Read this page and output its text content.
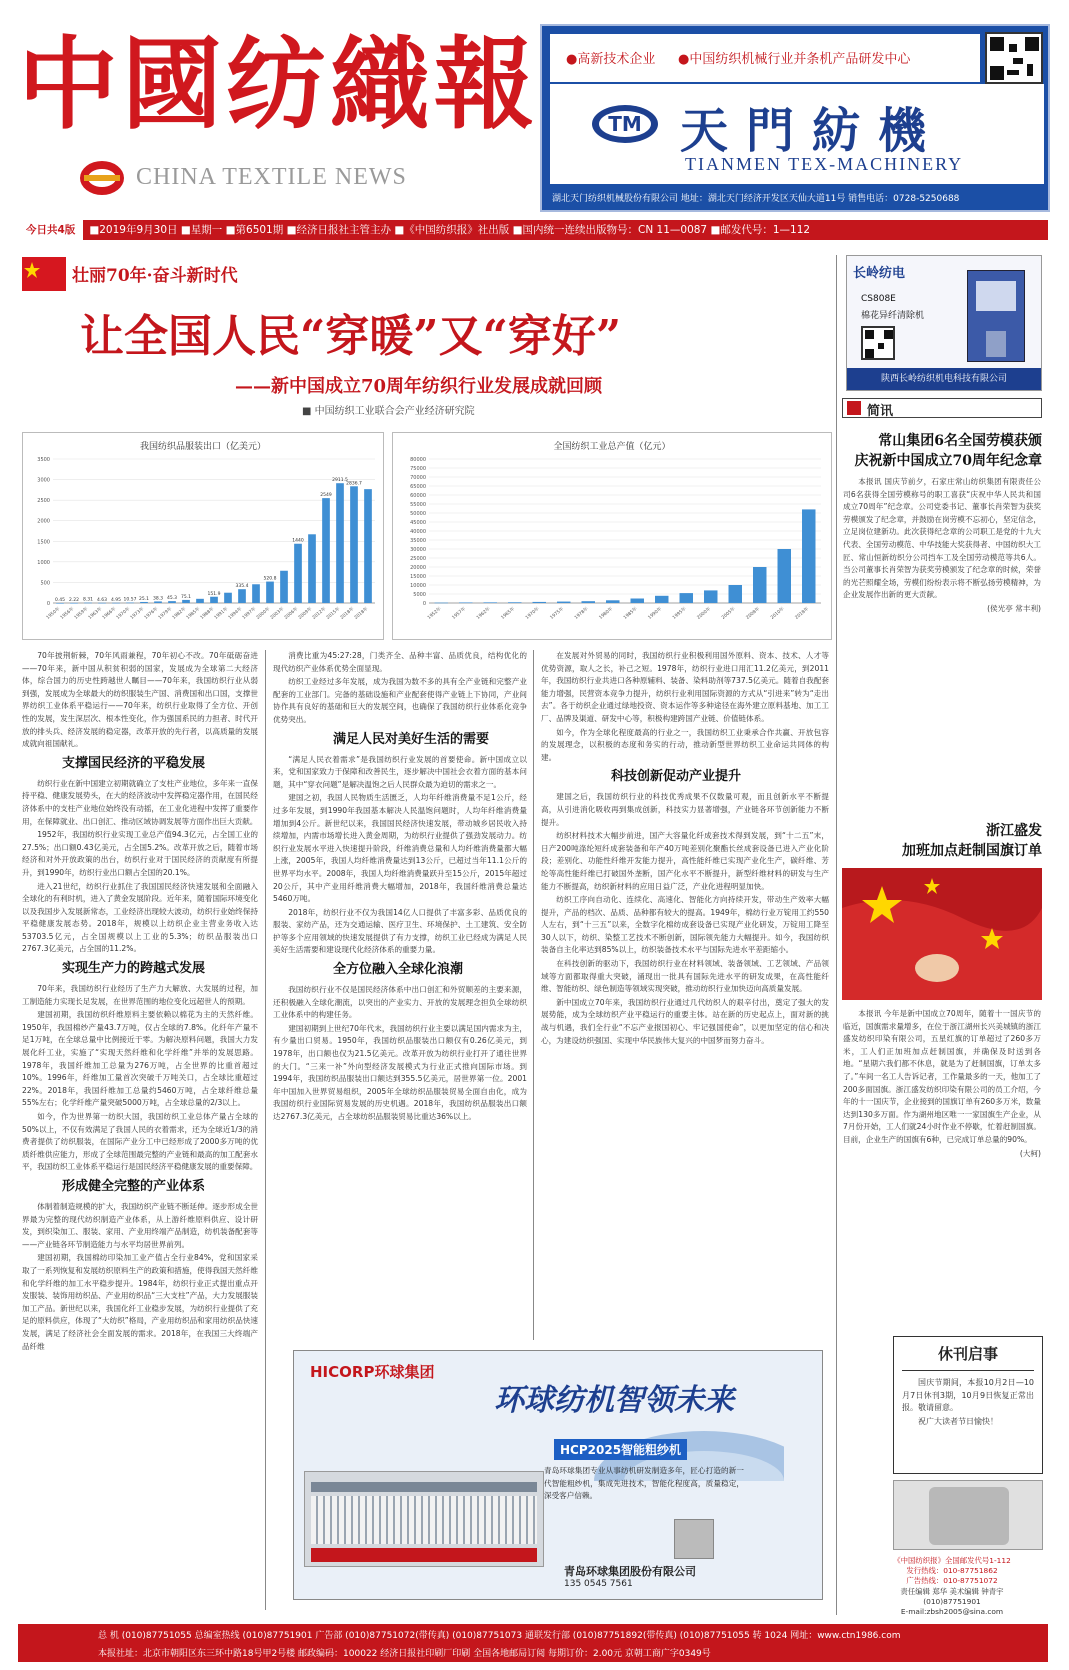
中國纺織報
CHINA TEXTILE NEWS
●高新技术企业 ●中国纺织机械行业并条机产品研发中心
TM 天門紡機
TIANMEN TEX-MACHINERY
湖北天门纺织机械股份有限公司 地址：湖北天门经济开发区天仙大道11号 销售电话：0728-5250688
今日共4版 ■2019年9月30日 ■星期一 ■第6501期 ■经济日报社主管主办 ■《中国纺织报》社出版 ■国内统一连续出版物号：CN 11—0087 ■邮发代号：1—112
壮丽70年·奋斗新时代
让全国人民“穿暖”又“穿好”
——新中国成立70周年纺织行业发展成就回顾
■ 中国纺织工业联合会产业经济研究院
我国纺织品服装出口（亿美元）
0
500
1000
1500
2000
2500
3000
3500
0.45
1950年
2.22
1956年
8.31
1959年
4.63
1963年
4.95
1966年
10.57
1970年
25.1
1973年
38.3
1976年
45.3
1979年
75.1
1982年
1985年
151.9
1988年
1991年
335.4
1994年
1997年
520.8
2000年
2003年
1440
2006年
2009年
2549
2012年
2911.5
2015年
2836.7
2018年
2018年
全国纺织工业总产值（亿元）
0
5000
10000
15000
20000
25000
30000
35000
40000
45000
50000
55000
60000
65000
70000
75000
80000
1952年 1957年 1962年 1965年 1970年 1975年 1978年 1980年 1985年 1990年 1995年 2000年 2005年 2008年 2010年 2018年

70年披荆斩棘，70年风雨兼程，70年初心不改。70年砥砺奋进——70年来，新中国从积贫积弱的国家，发展成为全球第二大经济体，综合国力的历史性跨越世人瞩目——70年来，我国纺织行业从弱到强，发展成为全球最大的纺织服装生产国、消费国和出口国，支撑世界纺织工业体系平稳运行——70年来，纺织行业取得了全方位、开创性的发展，发生深层次、根本性变化，作为强国系民的力担者、时代开放的排头兵、经济发展的稳定器，改革开放的先行者，以高质量的发展成就向祖国献礼。

支撑国民经济的平稳发展

纺织行业在新中国建立初期就确立了支柱产业地位，多年来一直保持平稳、健康发展势头，在大的经济波动中发挥稳定器作用，在国民经济体系中的支柱产业地位始终没有动摇，在工业化进程中发挥了重要作用，在保障就业、出口创汇、推动区域协调发展等方面作出巨大贡献。

1952年，我国纺织行业实现工业总产值94.3亿元，占全国工业的27.5%；出口额0.43亿美元，占全国5.2%。改革开放之后，随着市场经济和对外开放政策的出台，纺织行业对于国民经济的贡献度有所提升，到1990年，纺织行业出口额占全国的20.1%。

进入21世纪，纺织行业抓住了我国国民经济快速发展和全面融入全球化的有利时机，进入了黄金发展阶段。近年来，随着国际环境变化以及我国步入发展新常态，工业经济出现较大波动，纺织行业始终保持平稳健康发展态势。2018年，规模以上纺织企业主营业务收入达53703.5亿元，占全国规模以上工业的5.3%；纺织品服装出口2767.3亿美元，占全国的11.2%。

实现生产力的跨越式发展

70年来，我国纺织行业经历了生产力大解放、大发展的过程，加工制造能力实现长足发展，在世界范围的地位变化远超世人的预期。

建国初期，我国纺织纤维原料主要依赖以棉花为主的天然纤维。1950年，我国棉纱产量43.7万吨，仅占全球的7.8%。化纤年产量不足1万吨，在全球总量中比例接近于零。为解决原料问题，我国大力发展化纤工业，实施了“实现天然纤维和化学纤维”并举的发展思路。1978年，我国纤维加工总量为276万吨，占全世界的比重首超过10%。1996年，纤维加工量首次突破千万吨关口，占全球比重超过22%。2018年，我国纤维加工总量约5460万吨，占全球纤维总量55%左右；化学纤维产量突破5000万吨，占全球总量的2/3以上。

如今，作为世界第一纺织大国，我国纺织工业总体产量占全球的50%以上，不仅有效满足了我国人民的衣着需求，还为全球近1/3的消费者提供了纺织服装，在国际产业分工中已经形成了2000多万吨的优质纤维供应能力，形成了全球范围最完整的产业链和最高的加工配套水平，我国纺织工业体系平稳运行是国民经济平稳健康发展的重要保障。

形成健全完整的产业体系

体制着制造规模的扩大，我国纺织产业链不断延伸。逐步形成全世界最为完整的现代纺织制造产业体系，从上游纤维原料供应、设计研发，到织染加工、服装、家用、产业用终端产品制造，纺机装备配套等——产业链各环节制造能力与水平均居世界前列。

建国初期，我国棉纺印染加工业产值占全行业84%，党和国家采取了一系列恢复和发展纺织原料生产的政策和措施，使得我国天然纤维和化学纤维的加工水平稳步提升。1984年，纺织行业正式提出重点开发服装、装饰用纺织品、产业用纺织品“三大支柱”产品，大力发展服装加工产品。新世纪以来，我国化纤工业稳步发展，为纺织行业提供了充足的原料供应，体现了“大纺织”格局，产业用纺织品和家用纺织品快速发展，满足了经济社会全面发展的需求。2018年，在我国三大终端产品纤维

消费比重为45:27:28，门类齐全、品种丰富、品质优良，结构优化的现代纺织产业体系优势全面显现。

纺织工业经过多年发展，成为我国为数不多的具有全产业链和完整产业配套的工业部门。完备的基础设施和产业配套使得产业链上下协同，产业间协作具有良好的基础和巨大的发展空间，也确保了我国纺织行业体系化竞争优势突出。

满足人民对美好生活的需要

“满足人民衣着需求”是我国纺织行业发展的首要使命。新中国成立以来，党和国家致力于保障和改善民生，逐步解决中国社会衣着方面的基本问题，其中“穿衣问题”是解决温饱之后人民群众最为迫切的需求之一。

建国之初，我国人民物质生活匮乏，人均年纤维消费量不足1公斤，经过多年发展，到1990年我国基本解决人民温饱问题时，人均年纤维消费量增加到4公斤。新世纪以来，我国国民经济快速发展，带动城乡居民收入持续增加，内需市场增长进入黄金周期，为纺织行业提供了强劲发展动力。纺织行业发展水平进入快速提升阶段，纤维消费总量和人均纤维消费量都大幅上涨，2005年，我国人均纤维消费量达到13公斤，已超过当年11.1公斤的世界平均水平。2008年，我国人均纤维消费量跃升至15公斤，2015年超过20公斤，其中产业用纤维消费大幅增加，2018年，我国纤维消费总量达5460万吨。

2018年，纺织行业不仅为我国14亿人口提供了丰富多彩、品质优良的服装、家纺产品，还为交通运输、医疗卫生、环境保护、土工建筑、安全防护等多个应用领域的快速发展提供了有力支撑，纺织工业已经成为满足人民美好生活需要和建设现代化经济体系的重要力量。

全方位融入全球化浪潮

我国纺织行业不仅是国民经济体系中出口创汇和外贸顺差的主要来源，还积极融入全球化潮流，以突出的产业实力、开放的发展理念担负全球纺织工业体系中的构建任务。

建国初期到上世纪70年代末，我国纺织行业主要以满足国内需求为主，有少量出口贸易。1950年，我国纺织品服装出口额仅有0.26亿美元，到1978年，出口额也仅为21.5亿美元。改革开放为纺织行业打开了通往世界的大门。“三来一补”外向型经济发展模式为行业正式推向国际市场。到1994年，我国纺织品服装出口额达到355.5亿美元，居世界第一位。2001年中国加入世界贸易组织，2005年全球纺织品服装贸易全面自由化，成为我国纺织行业国际贸易发展的历史机遇。2018年，我国纺织品服装出口额达2767.3亿美元，占全球纺织品服装贸易比重达36%以上。

在发展对外贸易的同时，我国纺织行业积极利用国外原料、资本、技术、人才等优势资源，取人之长，补己之短。1978年，纺织行业进口用汇11.2亿美元，到2011年，我国纺织行业共进口各种原辅料、装备、染料助剂等737.5亿美元。随着自我配套能力增强，民营资本竞争力提升，纺织行业利用国际资源的方式从“引进来”转为“走出去”。各于纺织企业通过绿地投资、资本运作等多种途径在海外建立原料基地、加工工厂、品牌及渠道、研发中心等，积极构建跨国产业链、价值链体系。

如今，作为全球化程度最高的行业之一，我国纺织工业秉承合作共赢、开放包容的发展理念，以积极的态度和务实的行动，推动新型世界纺织工业命运共同体的构建。

科技创新促动产业提升

建国之后，我国纺织行业的科技优秀成果不仅数量可观，而且创新水平不断提高，从引进消化吸收再到集成创新，科技实力显著增强，产业链各环节创新能力不断提升。

纺织材料技术大幅步前进，国产大容量化纤成套技术得到发展，到“十二五”末，日产200吨涤纶短纤成套装备和年产40万吨差别化聚酯长丝成套设备已进入产业化阶段；差别化、功能性纤维开发能力提升，高性能纤维已实现产业化生产，碳纤维、芳纶等高性能纤维已打破国外垄断，国产化水平不断提升，新型纤维材料的研发与生产能力不断提高，纺织新材料的应用日益广泛，产业化进程明显加快。

纺织工序向自动化、连续化、高速化、智能化方向持续开发，带动生产效率大幅提升，产品的档次、品质、品种都有较大的提高。1949年，棉纺行业万锭用工约550人左右，到“十三五”以来，全数字化棉纺成套设备已实现产业化研发，万锭用工降至30人以下，纺织、染整工艺技术不断创新，国际领先能力大幅提升。如今，我国纺织装备自主化率达到85%以上，纺织装备技术水平与国际先进水平差距缩小。

在科技创新的驱动下，我国纺织行业在材料领域、装备领域、工艺领域、产品领域等方面都取得重大突破，涌现出一批具有国际先进水平的研发成果，在高性能纤维、智能纺织、绿色制造等领域实现突破，推动纺织行业加快迈向高质量发展。

新中国成立70年来，我国纺织行业通过几代纺织人的艰辛付出，奠定了强大的发展势能，成为全球纺织产业平稳运行的重要主体。站在新的历史起点上，面对新的挑战与机遇，我们全行业“不忘产业报国初心、牢记强国使命”，以更加坚定的信心和决心，为建设纺织强国、实现中华民族伟大复兴的中国梦而努力奋斗。

长岭纺电
CS808E
棉花异纤清除机
陕西长岭纺织机电科技有限公司
简讯
常山集团6名全国劳模获颁
庆祝新中国成立70周年纪念章

本报讯 国庆节前夕，石家庄常山纺织集团有限责任公司6名获得全国劳模称号的职工喜获“庆祝中华人民共和国成立70周年”纪念章。公司党委书记、董事长肖荣智为获奖劳模颁发了纪念章，并鼓励在岗劳模不忘初心，坚定信念，立足岗位建新功。此次获得纪念章的公司职工是党的十九大代表、全国劳动模范、中华技能大奖获得者、中国纺织大工匠、常山恒新纺织分公司挡车工及全国劳动模范等共6人。当公司董事长肖荣智为获奖劳模颁发了纪念章的时候，荣誉的光芒照耀全场，劳模们纷纷表示将不断弘扬劳模精神，为企业发展作出新的更大贡献。

(侯光亭 常丰利)

浙江盛发
加班加点赶制国旗订单

本报讯 今年是新中国成立70周年，随着十一国庆节的临近，国旗需求量增多，在位于浙江湖州长兴美城镇的浙江盛发纺织印染有限公司，五星红旗的订单超过了260多万米，工人们正加班加点赶制国旗，并确保及时送到各地。“星期六我们都不休息，就是为了赶制国旗，订单太多了。”车间一名工人告诉记者，工作量最多的一天，他加工了200多面国旗。浙江盛发纺织印染有限公司的员工介绍，今年的十一国庆节，企业接到的国旗订单有260多万米，数量达到130多万面。作为湖州地区唯一一家国旗生产企业，从7月份开始，工人们就24小时作业不停歇，忙着赶制国旗。目前，企业生产的国旗有6种，已完成订单总量的90%。

(大柯)

休刊启事

国庆节期间，本报10月2日—10月7日休刊3期，10月9日恢复正常出报。敬请留意。

祝广大读者节日愉快！

《中国纺织报》全国邮发代号1-112
发行热线：010-87751862
广告热线：010-87751072
责任编辑 郑华 美术编辑 钟青宇
(010)87751901
E-mail:zbsh2005@sina.com
HICORP环球集团
环球纺机智领未来
HCP2025智能粗纱机
青岛环球集团专业从事纺机研发制造多年，匠心打造的新一代智能粗纱机，集成先进技术，智能化程度高，质量稳定，深受客户信赖。
青岛环球集团股份有限公司
135 0545 7561
总 机 (010)87751055 总编室热线 (010)87751901 广告部 (010)87751072(带传真) (010)87751073 通联发行部 (010)87751892(带传真) (010)87751055 转 1024 网址：www.ctn1986.com
本报社址：北京市朝阳区东三环中路18号甲2号楼 邮政编码：100022 经济日报社印刷厂印刷 全国各地邮局订阅 每期订价：2.00元 京朝工商广字0349号
